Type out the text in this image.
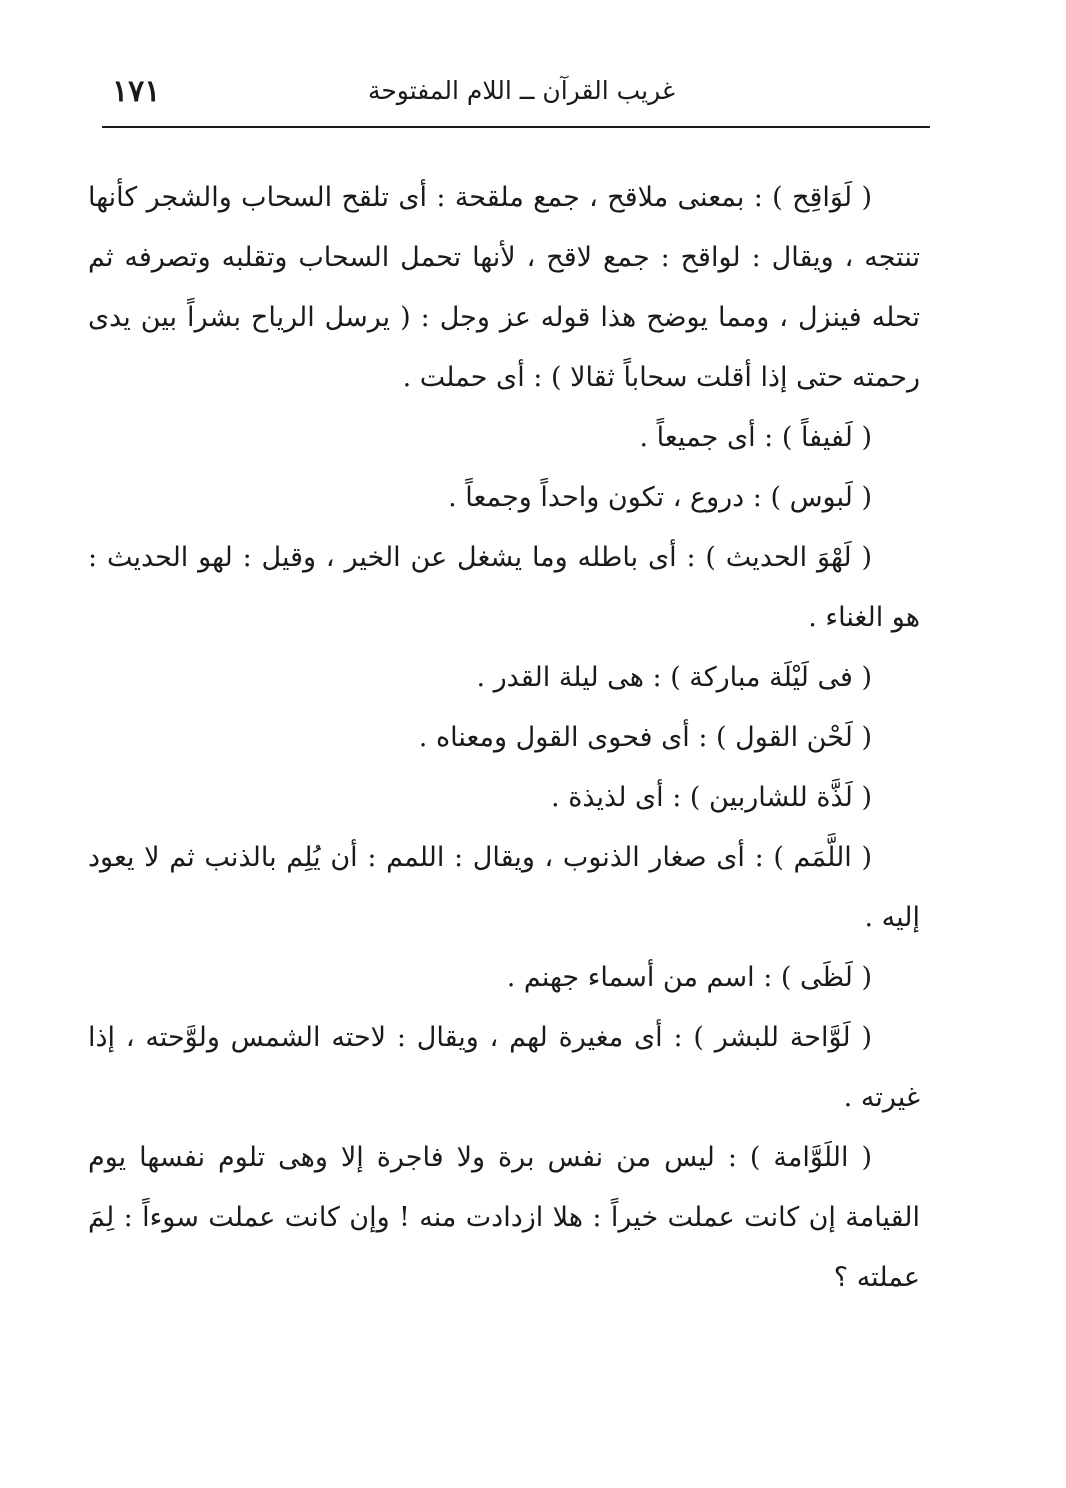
غريب القرآن ــ اللام المفتوحة
١٧١

( لَوَاقِح ) : بمعنى ملاقح ، جمع ملقحة : أى تلقح السحاب والشجر كأنها تنتجه ، ويقال : لواقح : جمع لاقح ، لأنها تحمل السحاب وتقلبه وتصرفه ثم تحله فينزل ، ومما يوضح هذا قوله عز وجل : ( يرسل الرياح بشراً بين يدى رحمته حتى إذا أقلت سحاباً ثقالا ) : أى حملت .

( لَفيفاً ) : أى جميعاً .

( لَبوس ) : دروع ، تكون واحداً وجمعاً .

( لَهْوَ الحديث ) : أى باطله وما يشغل عن الخير ، وقيل : لهو الحديث : هو الغناء .

( فى لَيْلَة مباركة ) : هى ليلة القدر .

( لَحْن القول ) : أى فحوى القول ومعناه .

( لَذَّة للشاربين ) : أى لذيذة .

( اللَّمَم ) : أى صغار الذنوب ، ويقال : اللمم : أن يُلِم بالذنب ثم لا يعود إليه .

( لَظَى ) : اسم من أسماء جهنم .

( لَوَّاحة للبشر ) : أى مغيرة لهم ، ويقال : لاحته الشمس ولوَّحته ، إذا غيرته .

( اللَوَّامة ) : ليس من نفس برة ولا فاجرة إلا وهى تلوم نفسها يوم القيامة إن كانت عملت خيراً : هلا ازدادت منه ! وإن كانت عملت سوءاً : لِمَ عملته ؟
